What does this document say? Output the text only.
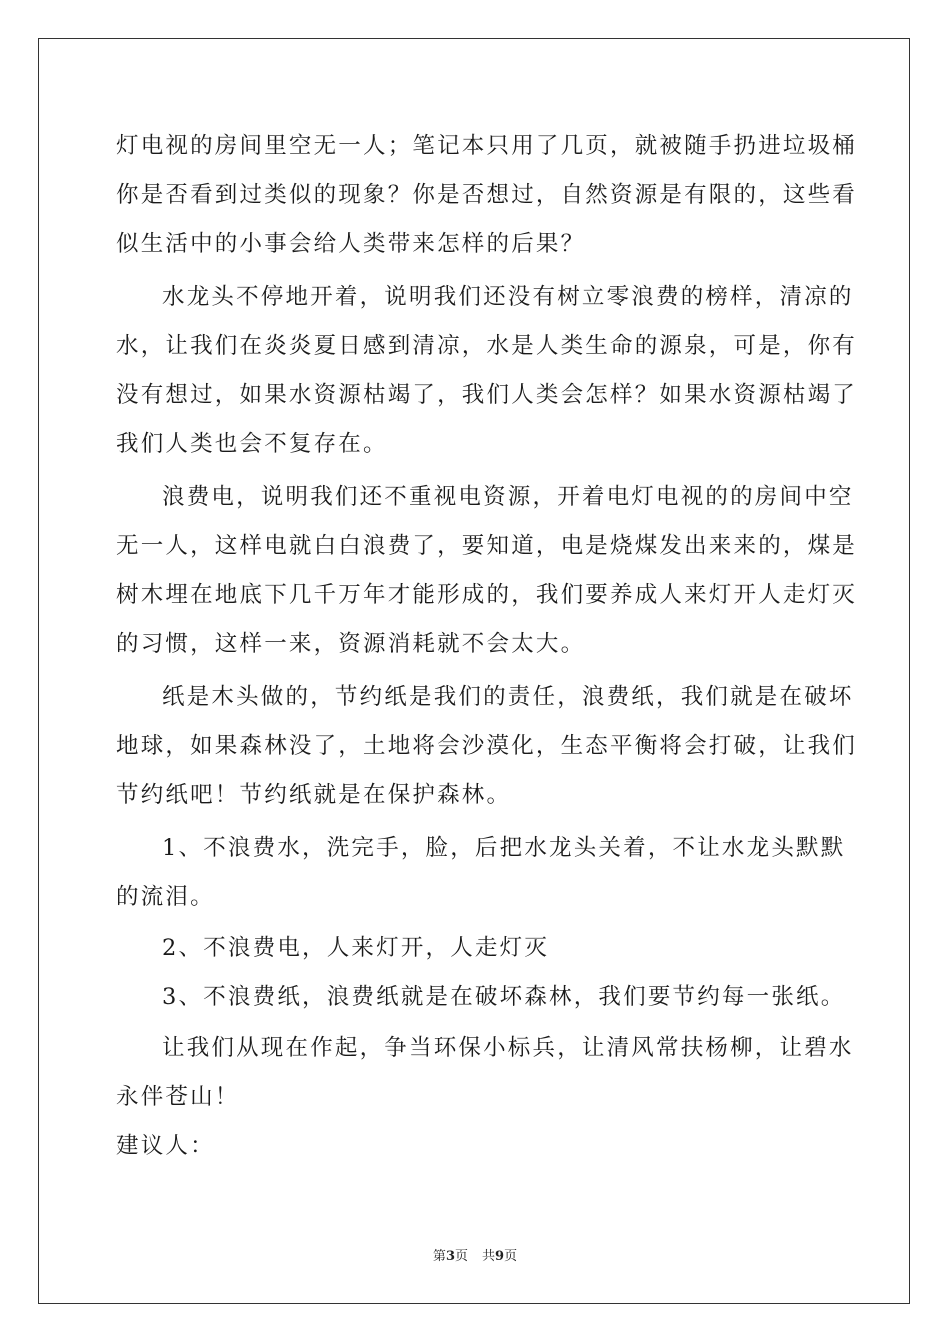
灯电视的房间里空无一人；笔记本只用了几页，就被随手扔进垃圾桶
你是否看到过类似的现象？你是否想过，自然资源是有限的，这些看
似生活中的小事会给人类带来怎样的后果？
水龙头不停地开着，说明我们还没有树立零浪费的榜样，清凉的
水，让我们在炎炎夏日感到清凉，水是人类生命的源泉，可是，你有
没有想过，如果水资源枯竭了，我们人类会怎样？如果水资源枯竭了
我们人类也会不复存在。
浪费电，说明我们还不重视电资源，开着电灯电视的的房间中空
无一人，这样电就白白浪费了，要知道，电是烧煤发出来来的，煤是
树木埋在地底下几千万年才能形成的，我们要养成人来灯开人走灯灭
的习惯，这样一来，资源消耗就不会太大。
纸是木头做的，节约纸是我们的责任，浪费纸，我们就是在破坏
地球，如果森林没了，土地将会沙漠化，生态平衡将会打破，让我们
节约纸吧！节约纸就是在保护森林。
1、不浪费水，洗完手，脸，后把水龙头关着，不让水龙头默默
的流泪。
2、不浪费电，人来灯开，人走灯灭
3、不浪费纸，浪费纸就是在破坏森林，我们要节约每一张纸。
让我们从现在作起，争当环保小标兵，让清风常扶杨柳，让碧水
永伴苍山！
建议人：
第3页 共9页
